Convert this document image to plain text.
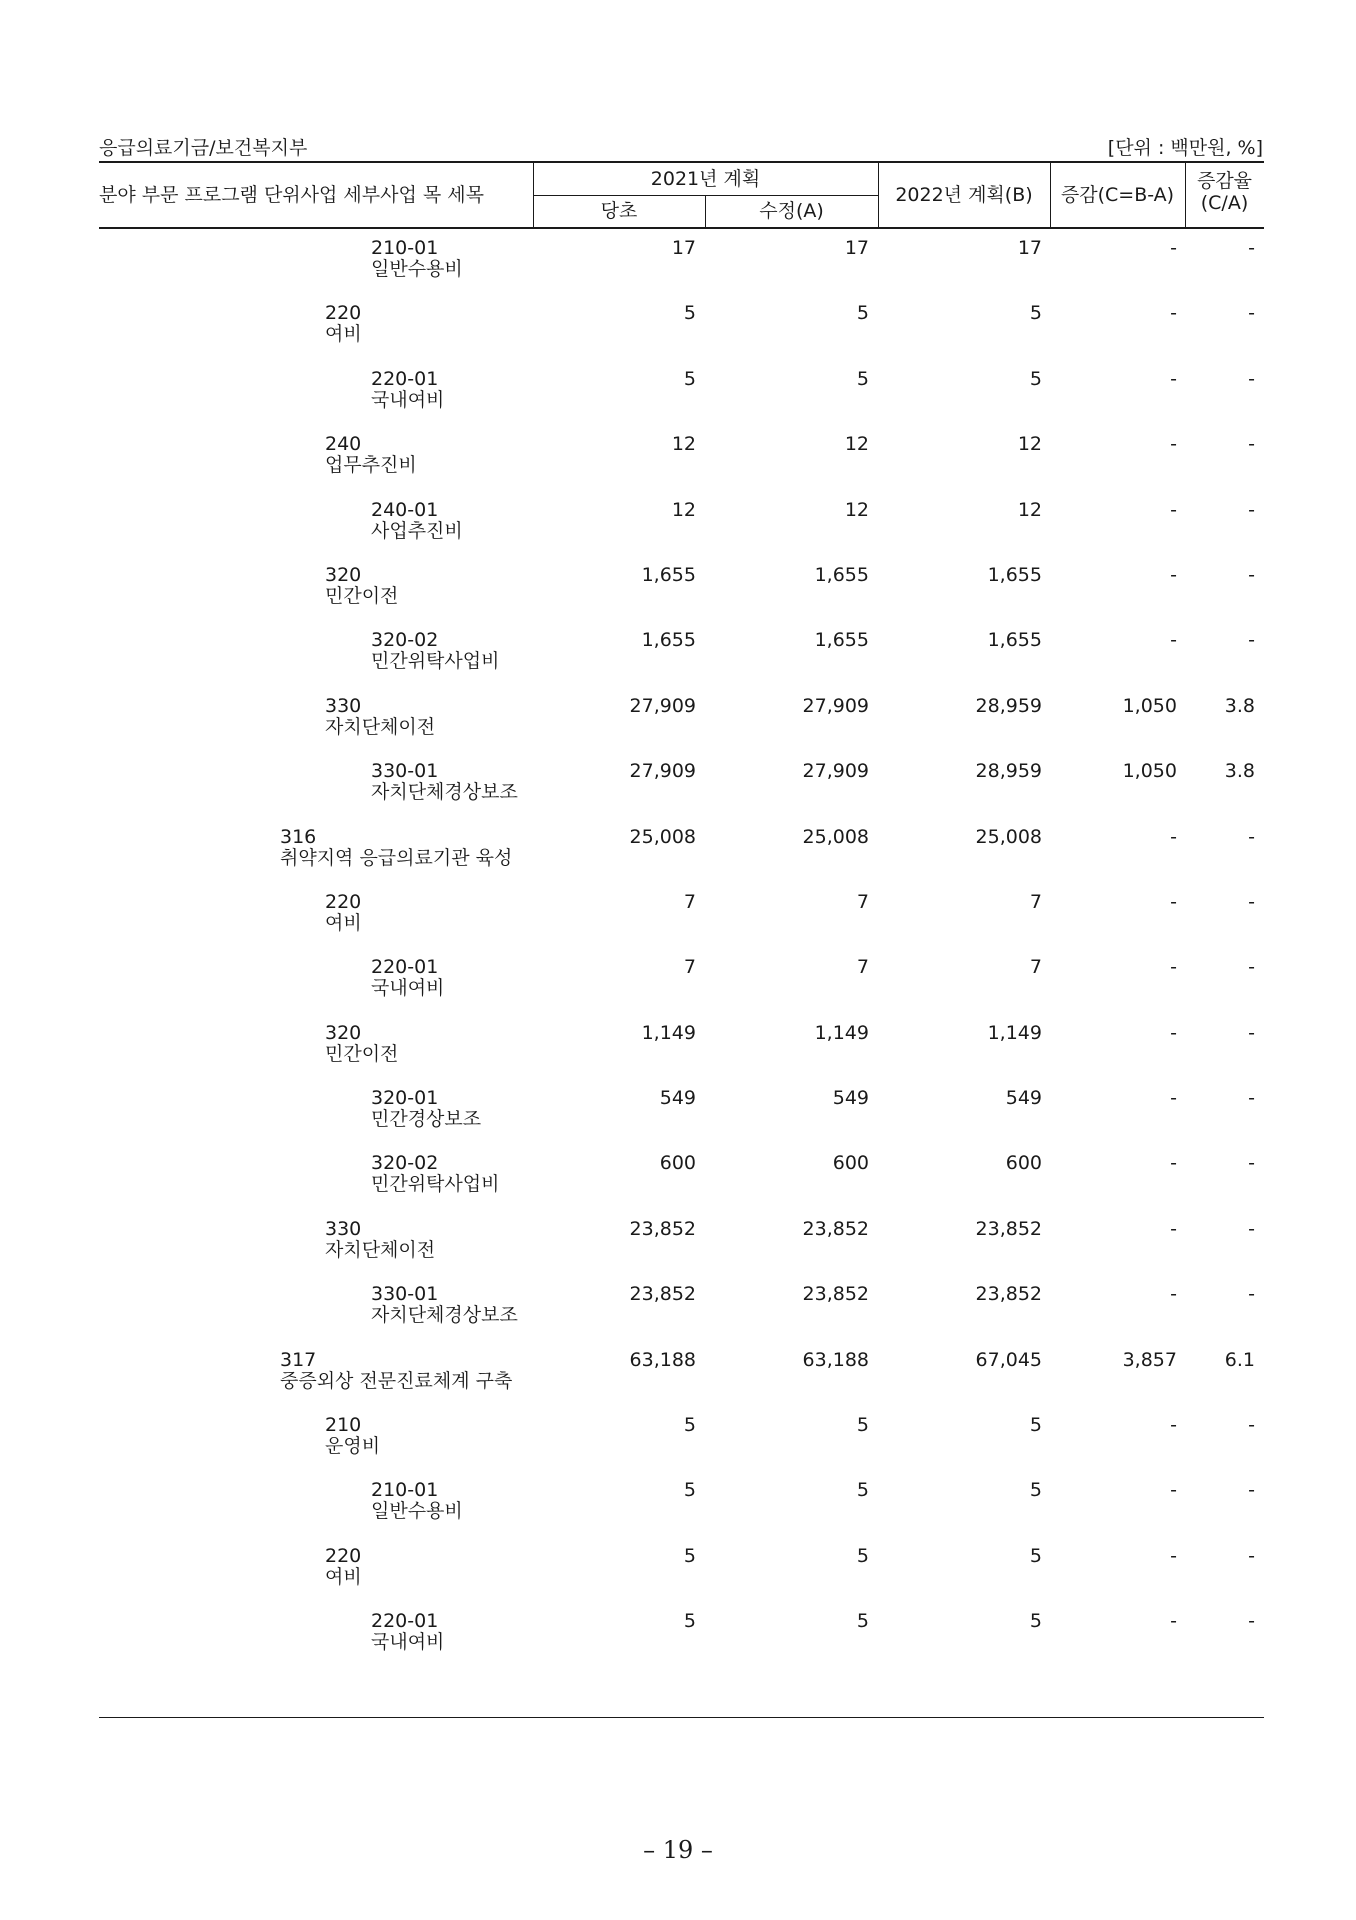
응급의료기금/보건복지부	[단위 : 백만원, %]
분야 부문 프로그램 단위사업 세부사업 목 세목
2021년 계획
당초	수정(A)
2022년 계획(B)	증감(C=B-A)
증감율
(C/A)
210-01
일반수용비
17	17	17	-	-
220
여비
5	5	5	-	-
220-01
국내여비
5	5	5	-	-
240
업무추진비
12	12	12	-	-
240-01
사업추진비
12	12	12	-	-
320
민간이전
1,655	1,655	1,655	-	-
320-02
민간위탁사업비
1,655	1,655	1,655	-	-
330
자치단체이전
27,909	27,909	28,959	1,050	3.8
330-01
자치단체경상보조
27,909	27,909	28,959	1,050	3.8
316
취약지역 응급의료기관 육성
25,008	25,008	25,008	-	-
220
여비
7	7	7	-	-
220-01
국내여비
7	7	7	-	-
320
민간이전
1,149	1,149	1,149	-	-
320-01
민간경상보조
549	549	549	-	-
320-02
민간위탁사업비
600	600	600	-	-
330
자치단체이전
23,852	23,852	23,852	-	-
330-01
자치단체경상보조
23,852	23,852	23,852	-	-
317
중증외상 전문진료체계 구축
63,188	63,188	67,045	3,857	6.1
210
운영비
5	5	5	-	-
210-01
일반수용비
5	5	5	-	-
220
여비
5	5	5	-	-
220-01
국내여비
5	5	5	-	-
– 19 –
